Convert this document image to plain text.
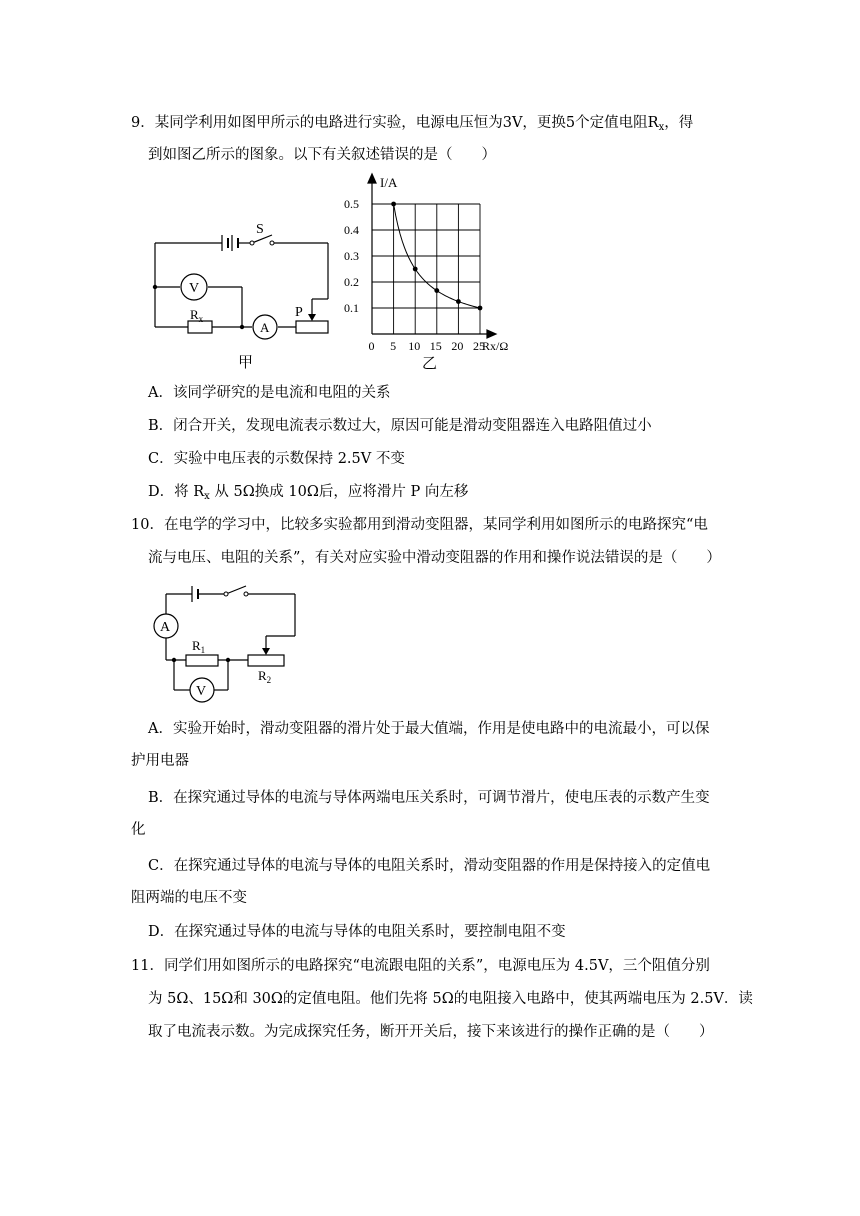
9．某同学利用如图甲所示的电路进行实验，电源电压恒为3V，更换5个定值电阻$R_x$，得
到如图乙所示的图象。以下有关叙述错误的是（　　）
S
V
A
$R_x$	P
甲
0 5 10 15 20 25
0.1
0.2
0.3
0.4
0.5
I/A
Rx/Ω
乙
A．该同学研究的是电流和电阻的关系
B．闭合开关，发现电流表示数过大，原因可能是滑动变阻器连入电路阻值过小
C．实验中电压表的示数保持 2.5V 不变
D．将 $R_x$ 从 5Ω换成 10Ω后，应将滑片 P 向左移
10．在电学的学习中，比较多实验都用到滑动变阻器，某同学利用如图所示的电路探究“电
流与电压、电阻的关系”，有关对应实验中滑动变阻器的作用和操作说法错误的是（　　）
A
$R_1$
$R_2$
V
A．实验开始时，滑动变阻器的滑片处于最大值端，作用是使电路中的电流最小，可以保
护用电器
B．在探究通过导体的电流与导体两端电压关系时，可调节滑片，使电压表的示数产生变
化
C．在探究通过导体的电流与导体的电阻关系时，滑动变阻器的作用是保持接入的定值电
阻两端的电压不变
D．在探究通过导体的电流与导体的电阻关系时，要控制电阻不变
11．同学们用如图所示的电路探究“电流跟电阻的关系”，电源电压为 4.5V，三个阻值分别
为 5Ω、15Ω和 30Ω的定值电阻。他们先将 5Ω的电阻接入电路中，使其两端电压为 2.5V．读
取了电流表示数。为完成探究任务，断开开关后，接下来该进行的操作正确的是（　　）
